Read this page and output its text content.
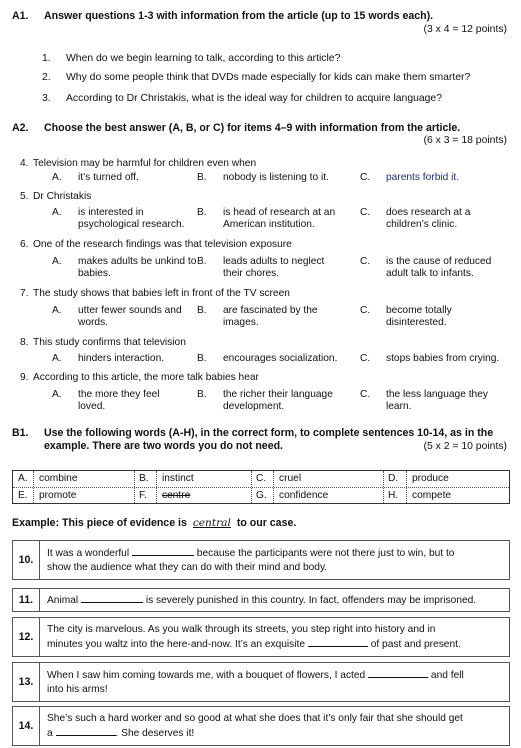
A1. Answer questions 1-3 with information from the article (up to 15 words each).
(3 x 4 = 12 points)
1. When do we begin learning to talk, according to this article?
2. Why do some people think that DVDs made especially for kids can make them smarter?
3. According to Dr Christakis, what is the ideal way for children to acquire language?
A2. Choose the best answer (A, B, or C) for items 4–9 with information from the article.
(6 x 3 = 18 points)
4. Television may be harmful for children even when
A. it’s turned off.	B. nobody is listening to it.	C. parents forbid it.
5. Dr Christakis
A. is interested in psychological research.
B. is head of research at an American institution.
C. does research at a children’s clinic.
6. One of the research findings was that television exposure
A. makes adults be unkind to babies.
B. leads adults to neglect their chores.
C. is the cause of reduced adult talk to infants.
7. The study shows that babies left in front of the TV screen
A. utter fewer sounds and words.
B. are fascinated by the images.
C. become totally disinterested.
8. This study confirms that television
A. hinders interaction.	B. encourages socialization.	C. stops babies from crying.
9. According to this article, the more talk babies hear
A. the more they feel loved.
B. the richer their language development.
C. the less language they learn.
B1. Use the following words (A-H), in the correct form, to complete sentences 10-14, as in the example. There are two words you do not need.	(5 x 2 = 10 points)
A. combine	B. instinct	C. cruel	D. produce
E. promote	F. centre	G. confidence	H. compete
Example: This piece of evidence is central to our case.
10.
It was a wonderful	because the participants were not there just to win, but to
show the audience what they can do with their mind and body.
11.	Animal	is severely punished in this country. In fact, offenders may be imprisoned.
12.
The city is marvelous. As you walk through its streets, you step right into history and in
minutes you waltz into the here-and-now. It’s an exquisite	of past and present.
13.
When I saw him coming towards me, with a bouquet of flowers, I acted	and fell
into his arms!
14.
She’s such a hard worker and so good at what she does that it’s only fair that she should get
a	. She deserves it!
